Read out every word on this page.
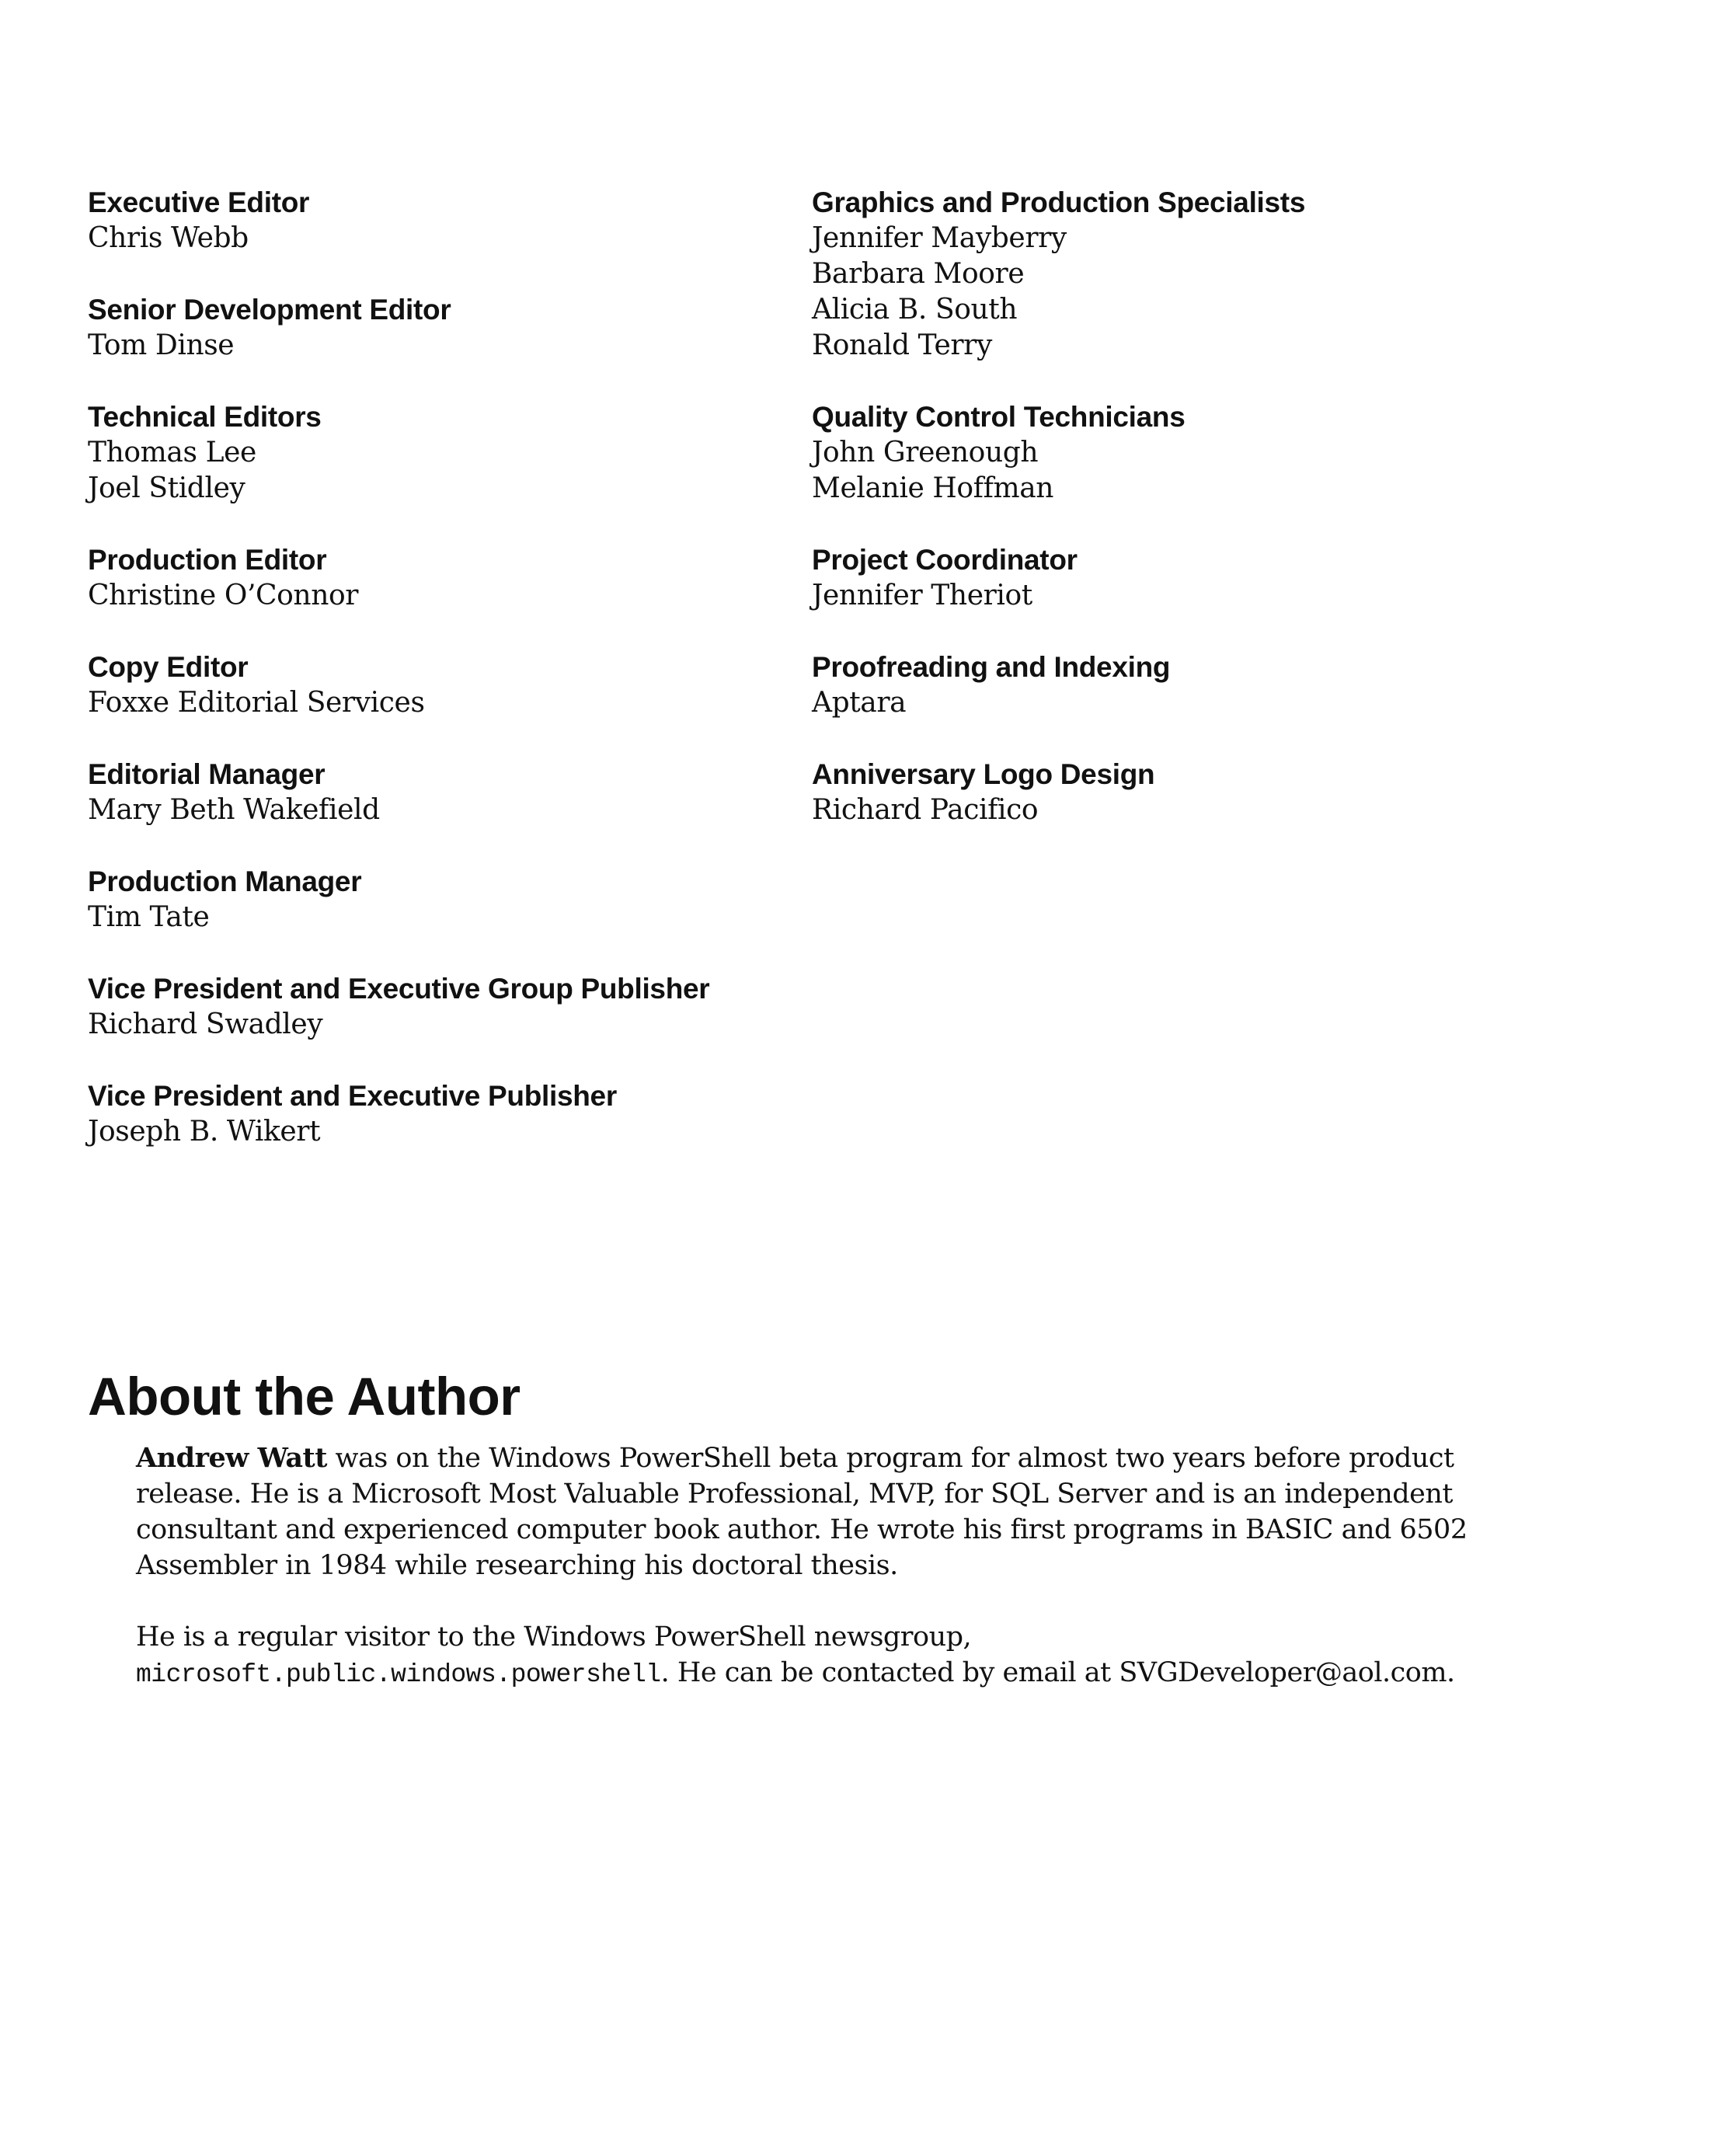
Executive Editor

Chris Webb

Senior Development Editor

Tom Dinse

Technical Editors

Thomas Lee

Joel Stidley

Production Editor

Christine O’Connor

Copy Editor

Foxxe Editorial Services

Editorial Manager

Mary Beth Wakefield

Production Manager

Tim Tate

Vice President and Executive Group Publisher

Richard Swadley

Vice President and Executive Publisher

Joseph B. Wikert

Graphics and Production Specialists

Jennifer Mayberry

Barbara Moore

Alicia B. South

Ronald Terry

Quality Control Technicians

John Greenough

Melanie Hoffman

Project Coordinator

Jennifer Theriot

Proofreading and Indexing

Aptara

Anniversary Logo Design

Richard Pacifico

About the Author

Andrew Watt was on the Windows PowerShell beta program for almost two years before product release. He is a Microsoft Most Valuable Professional, MVP, for SQL Server and is an independent consultant and experienced computer book author. He wrote his first programs in BASIC and 6502 Assembler in 1984 while researching his doctoral thesis.

He is a regular visitor to the Windows PowerShell newsgroup, microsoft.public.windows.powershell. He can be contacted by email at SVGDeveloper@aol.com.
